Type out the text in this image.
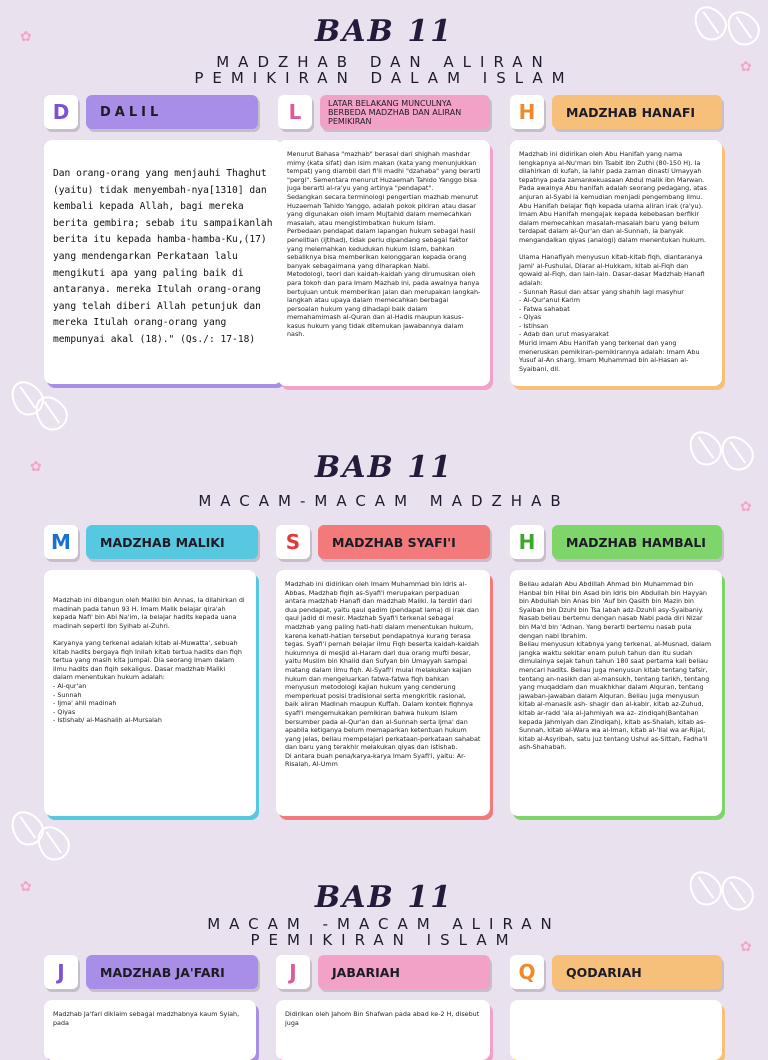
✿
✿
✿
✿
✿
✿
BAB 11
MADZHAB DAN ALIRAN
PEMIKIRAN DALAM ISLAM
D	DALIL
Dan orang-orang yang menjauhi Thaghut (yaitu) tidak menyembah-nya[1310] dan kembali kepada Allah, bagi mereka berita gembira; sebab itu sampaikanlah berita itu kepada hamba-hamba-Ku,(17) yang mendengarkan Perkataan lalu mengikuti apa yang paling baik di antaranya. mereka Itulah orang-orang yang telah diberi Allah petunjuk dan mereka Itulah orang-orang yang mempunyai akal (18)." (Qs./: 17-18)
L	LATAR BELAKANG MUNCULNYA BERBEDA MADZHAB DAN ALIRAN PEMIKIRAN
Menurut Bahasa "mazhab" berasal dari shighah mashdar mimy (kata sifat) dan isim makan (kata yang menunjukkan tempat) yang diambil dari fi'il madhi "dzahaba" yang berarti "pergi". Sementara menurut Huzaemah Tahido Yanggo bisa juga berarti al-ra'yu yang artinya "pendapat".
Sedangkan secara terminologi pengertian mazhab menurut Huzaemah Tahido Yanggo, adalah pokok pikiran atau dasar yang digunakan oleh imam Mujtahid dalam memecahkan masalah, atau mengistimbatkan hukum Islam.
Perbedaan pendapat dalam lapangan hukum sebagai hasil penelitian (ijtihad), tidak perlu dipandang sebagai faktor yang melemahkan kedudukan hukum Islam, bahkan sebaliknya bisa memberikan kelonggaran kepada orang banyak sebagaimana yang diharapkan Nabi.
Metodologi, teori dan kaidah-kaidah yang dirumuskan oleh para tokoh dan para Imam Mazhab ini, pada awalnya hanya bertujuan untuk memberikan jalan dan merupakan langkah-langkah atau upaya dalam memecahkan berbagai persoalan hukum yang dihadapi baik dalam memahamimash al-Quran dan al-Hadis maupun kasus-kasus hukum yang tidak ditemukan jawabannya dalam nash.
H	MADZHAB HANAFI
Madzhab ini didirikan oleh Abu Hanifah yang nama lengkapnya al-Nu'man bin Tsabit ibn Zuthi (80-150 H). Ia dilahirkan di kufah, ia lahir pada zaman dinasti Umayyah tepatnya pada zamankekuasaan Abdul malik ibn Marwan.
Pada awalnya Abu hanifah adalah seorang pedagang, atas anjuran al-Syabi ia kemudian menjadi pengembang ilmu. Abu Hanifah belajar fiqh kepada ulama aliran irak (ra'yu). Imam Abu Hanifah mengajak kepada kebebasan berfikir dalam memecahkan masalah-masalah baru yang belum terdapat dalam al-Qur'an dan al-Sunnah, ia banyak mengandalkan qiyas (analogi) dalam menentukan hukum.

Ulama Hanafiyah menyusun kitab-kitab fiqh, diantaranya Jami' al-Fushulai, Dlarar al-Hukkam, kitab al-Fiqh dan qowaid al-Fiqh, dan lain-lain. Dasar-dasar Madzhab Hanafi adalah:
- Sunnah Rasul dan atsar yang shahih lagi masyhur
- Al-Qur'anul Karim
- Fatwa sahabat
- Qiyas
- Istihsan
- Adab dan urut masyarakat
Murid imam Abu Hanifah yang terkenal dan yang meneruskan pemikiran-pemikirannya adalah: Imam Abu Yusuf al-An sharg, Imam Muhammad bin al-Hasan al- Syaibani, dll.
BAB 11
MACAM-MACAM MADZHAB
M	MADZHAB MALIKI
Madzhab ini dibangun oleh Maliki bin Annas, Ia dilahirkan di madinah pada tahun 93 H. Imam Malik belajar qira'ah kepada Nafi' bin Abi Na'im, Ia belajar hadits kepada uana madinah seperti Ibn Syihab al-Zuhri.

Karyanya yang terkenal adalah kitab al-Muwatta', sebuah kitab hadits bergaya fiqh Inilah kitab tertua hadits dan fiqh tertua yang masih kita jumpai. Dia seorang Imam dalam ilmu hadits dan fiqih sekaligus. Dasar madzhab Maliki dalam menentukan hukum adalah:
- Al-qur'an
- Sunnah
- Ijma' ahli madinah
- Qiyas
- Istishab/ al-Mashalih al-Mursalah
S	MADZHAB SYAFI'I
Madzhab ini didirikan oleh Imam Muhammad bin Idris al-Abbas. Madzhab fiqih as-Syafi'i merupakan perpaduan antara madzhab Hanafi dan madzhab Maliki. Ia terdiri dari dua pendapat, yaitu qaul qadim (pendapat lama) di irak dan qaul jadid di mesir. Madzhab Syafi'i terkenal sebagai madzhab yang paling hati-hati dalam menentukan hukum, karena kehati-hatian tersebut pendapatnya kurang terasa tegas. Syafi'i pernah belajar ilmu Fiqh beserta kaidah-kaidah hukumnya di mesjid al-Haram dari dua orang mufti besar, yaitu Muslim bin Khalid dan Sufyan bin Umayyah sampai matang dalam ilmu fiqh. Al-Syafi'i mulai melakukan kajian hukum dan mengeluarkan fatwa-fatwa fiqh bahkan menyusun metodologi kajian hukum yang cenderung memperkuat posisi tradisional serta mengkritik rasional, baik aliran Madinah maupun Kuffah. Dalam kontek fiqhnya syafi'i mengemukakan pemikiran bahwa hukum Islam bersumber pada al-Qur'an dan al-Sunnah serta Ijma' dan apabila ketiganya belum memaparkan ketentuan hukum yang jelas, beliau mempelajari perkataan-perkataan sahabat dan baru yang terakhir melakukan qiyas dan istishab.
Di antara buah pena/karya-karya Imam Syafi'i, yaitu: Ar-Risalah, Al-Umm
H	MADZHAB HAMBALI
Beliau adalah Abu Abdillah Ahmad bin Muhammad bin Hanbal bin Hilal bin Asad bin Idris bin Abdullah bin Hayyan bin Abdullah bin Anas bin 'Auf bin Qasith bin Mazin bin Syaiban bin Dzuhl bin Tsa labah adz-Dzuhli asy-Syaibaniy. Nasab beliau bertemu dengan nasab Nabi pada diri Nizar bin Ma'd bin 'Adnan. Yang berarti bertemu nasab pula dengan nabi Ibrahim.
Beliau menyusun kitabnya yang terkenal, al-Musnad, dalam jangka waktu sekitar enam puluh tahun dan itu sudah dimulainya sejak tahun tahun 180 saat pertama kali beliau mencari hadits. Beliau juga menyusun kitab tentang tafsir, tentang an-nasikh dan al-mansukh, tentang tarikh, tentang yang muqaddam dan muakhkhar dalam Alquran, tentang jawaban-jawaban dalam Alquran. Beliau juga menyusun kitab al-manasik ash- shagir dan al-kabir, kitab az-Zuhud, kitab ar-radd 'ala al-Jahmiyah wa az- zindiqah(Bantahan kepada Jahmiyah dan Zindiqah), kitab as-Shalah, kitab as-Sunnah, kitab al-Wara wa al-Iman, kitab al-'Ilal wa ar-Rijal, kitab al-Asyribah, satu juz tentang Ushul as-Sittah, Fadha'il ash-Shahabah.
BAB 11
MACAM -MACAM ALIRAN
PEMIKIRAN ISLAM
J	MADZHAB JA'FARI
Madzhab Ja'fari diklaim sebagai madzhabnya kaum Syiah, pada
J	JABARIAH
Didirikan oleh Jahom Bin Shafwan pada abad ke-2 H, disebut juga
Q	QODARIAH
